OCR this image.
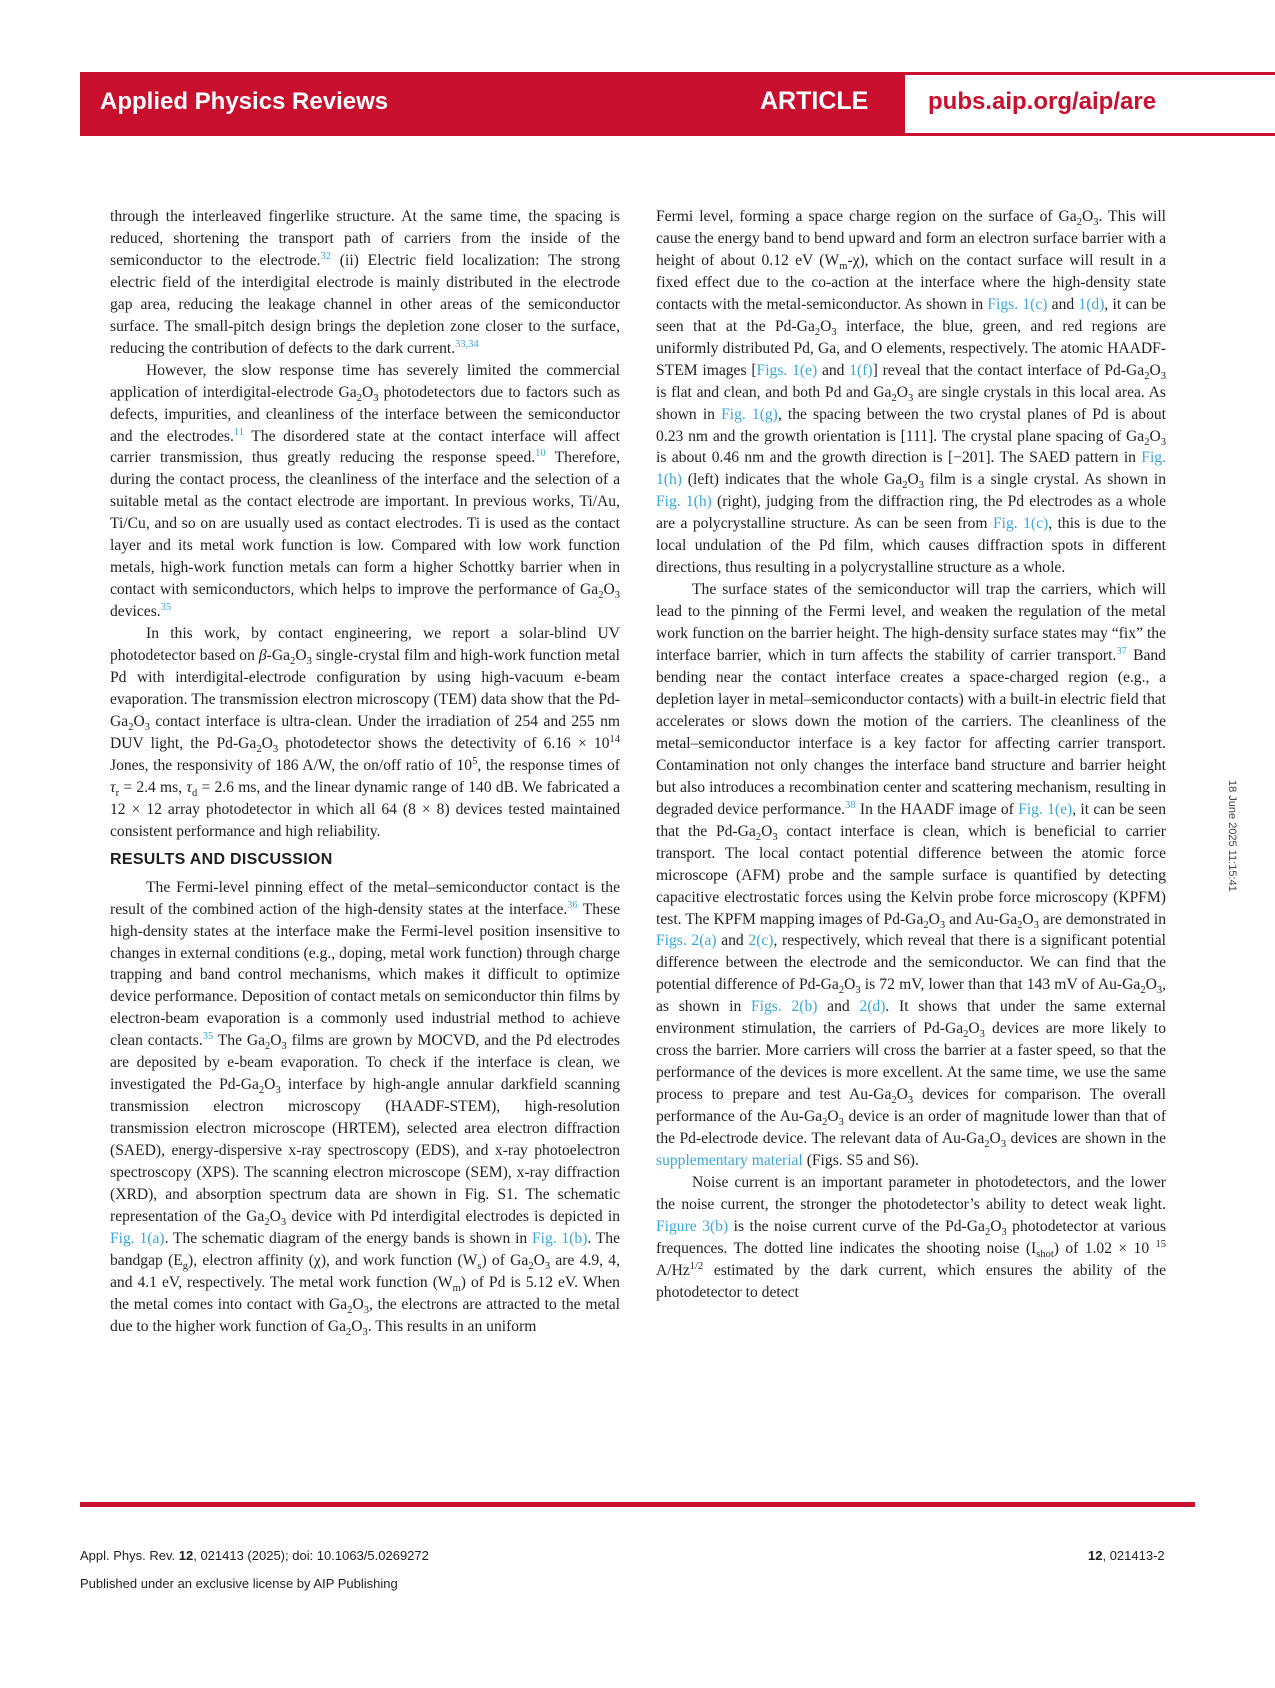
Applied Physics Reviews	ARTICLE pubs.aip.org/aip/are

through the interleaved fingerlike structure. At the same time, the spacing is reduced, shortening the transport path of carriers from the inside of the semiconductor to the electrode.$^{32}$ (ii) Electric field localization: The strong electric field of the interdigital electrode is mainly distributed in the electrode gap area, reducing the leakage channel in other areas of the semiconductor surface. The small-pitch design brings the depletion zone closer to the surface, reducing the contribution of defects to the dark current.$^{33,34}$

However, the slow response time has severely limited the commercial application of interdigital-electrode $Ga_2O_3$ photodetectors due to factors such as defects, impurities, and cleanliness of the interface between the semiconductor and the electrodes.$^{11}$ The disordered state at the contact interface will affect carrier transmission, thus greatly reducing the response speed.$^{10}$ Therefore, during the contact process, the cleanliness of the interface and the selection of a suitable metal as the contact electrode are important. In previous works, Ti/Au, Ti/Cu, and so on are usually used as contact electrodes. Ti is used as the contact layer and its metal work function is low. Compared with low work function metals, high-work function metals can form a higher Schottky barrier when in contact with semiconductors, which helps to improve the performance of $Ga_2O_3$ devices.$^{35}$

In this work, by contact engineering, we report a solar-blind UV photodetector based on $\beta-Ga_2O_3$ single-crystal film and high-work function metal Pd with interdigital-electrode configuration by using high-vacuum e-beam evaporation. The transmission electron microscopy (TEM) data show that the $Pd-Ga_2O_3$ contact interface is ultra-clean. Under the irradiation of 254 and 255 nm DUV light, the $Pd-Ga_2O_3$ photodetector shows the detectivity of $6.16 \times 10^{14}$ Jones, the responsivity of 186 A/W, the on/off ratio of $10^5$, the response times of $\tau_r = 2.4$ ms, $\tau_d = 2.6$ ms, and the linear dynamic range of 140 dB. We fabricated a 12 × 12 array photodetector in which all 64 (8 × 8) devices tested maintained consistent performance and high reliability.

RESULTS AND DISCUSSION

The Fermi-level pinning effect of the metal–semiconductor contact is the result of the combined action of the high-density states at the interface.$^{36}$ These high-density states at the interface make the Fermi-level position insensitive to changes in external conditions (e.g., doping, metal work function) through charge trapping and band control mechanisms, which makes it difficult to optimize device performance. Deposition of contact metals on semiconductor thin films by electron-beam evaporation is a commonly used industrial method to achieve clean contacts.$^{35}$ The $Ga_2O_3$ films are grown by MOCVD, and the Pd electrodes are deposited by e-beam evaporation. To check if the interface is clean, we investigated the $Pd-Ga_2O_3$ interface by high-angle annular darkfield scanning transmission electron microscopy (HAADF-STEM), high-resolution transmission electron microscope (HRTEM), selected area electron diffraction (SAED), energy-dispersive x-ray spectroscopy (EDS), and x-ray photoelectron spectroscopy (XPS). The scanning electron microscope (SEM), x-ray diffraction (XRD), and absorption spectrum data are shown in Fig. S1. The schematic representation of the $Ga_2O_3$ device with Pd interdigital electrodes is depicted in Fig. 1(a). The schematic diagram of the energy bands is shown in Fig. 1(b). The bandgap $(E_g)$, electron affinity (χ), and work function $(W_s)$ of $Ga_2O_3$ are 4.9, 4, and 4.1 eV, respectively. The metal work function $(W_m)$ of Pd is 5.12 eV. When the metal comes into contact with $Ga_2O_3$, the electrons are attracted to the metal due to the higher work function of $Ga_2O_3$. This results in an uniform

Fermi level, forming a space charge region on the surface of $Ga_2O_3$. This will cause the energy band to bend upward and form an electron surface barrier with a height of about 0.12 eV $(W_m-\chi)$, which on the contact surface will result in a fixed effect due to the co-action at the interface where the high-density state contacts with the metal-semiconductor. As shown in Figs. 1(c) and 1(d), it can be seen that at the $Pd-Ga_2O_3$ interface, the blue, green, and red regions are uniformly distributed Pd, Ga, and O elements, respectively. The atomic HAADF-STEM images [Figs. 1(e) and 1(f)] reveal that the contact interface of $Pd-Ga_2O_3$ is flat and clean, and both Pd and $Ga_2O_3$ are single crystals in this local area. As shown in Fig. 1(g), the spacing between the two crystal planes of Pd is about 0.23 nm and the growth orientation is [111]. The crystal plane spacing of $Ga_2O_3$ is about 0.46 nm and the growth direction is [−201]. The SAED pattern in Fig. 1(h) (left) indicates that the whole $Ga_2O_3$ film is a single crystal. As shown in Fig. 1(h) (right), judging from the diffraction ring, the Pd electrodes as a whole are a polycrystalline structure. As can be seen from Fig. 1(c), this is due to the local undulation of the Pd film, which causes diffraction spots in different directions, thus resulting in a polycrystalline structure as a whole.

The surface states of the semiconductor will trap the carriers, which will lead to the pinning of the Fermi level, and weaken the regulation of the metal work function on the barrier height. The high-density surface states may “fix” the interface barrier, which in turn affects the stability of carrier transport.$^{37}$ Band bending near the contact interface creates a space-charged region (e.g., a depletion layer in metal–semiconductor contacts) with a built-in electric field that accelerates or slows down the motion of the carriers. The cleanliness of the metal–semiconductor interface is a key factor for affecting carrier transport. Contamination not only changes the interface band structure and barrier height but also introduces a recombination center and scattering mechanism, resulting in degraded device performance.$^{38}$ In the HAADF image of Fig. 1(e), it can be seen that the $Pd-Ga_2O_3$ contact interface is clean, which is beneficial to carrier transport. The local contact potential difference between the atomic force microscope (AFM) probe and the sample surface is quantified by detecting capacitive electrostatic forces using the Kelvin probe force microscopy (KPFM) test. The KPFM mapping images of $Pd-Ga_2O_3$ and $Au-Ga_2O_3$ are demonstrated in Figs. 2(a) and 2(c), respectively, which reveal that there is a significant potential difference between the electrode and the semiconductor. We can find that the potential difference of $Pd-Ga_2O_3$ is 72 mV, lower than that 143 mV of $Au-Ga_2O_3$, as shown in Figs. 2(b) and 2(d). It shows that under the same external environment stimulation, the carriers of $Pd-Ga_2O_3$ devices are more likely to cross the barrier. More carriers will cross the barrier at a faster speed, so that the performance of the devices is more excellent. At the same time, we use the same process to prepare and test $Au-Ga_2O_3$ devices for comparison. The overall performance of the $Au-Ga_2O_3$ device is an order of magnitude lower than that of the Pd-electrode device. The relevant data of $Au-Ga_2O_3$ devices are shown in the supplementary material (Figs. S5 and S6).

Noise current is an important parameter in photodetectors, and the lower the noise current, the stronger the photodetector’s ability to detect weak light. Figure 3(b) is the noise current curve of the $Pd-Ga_2O_3$ photodetector at various frequences. The dotted line indicates the shooting noise $(I_{shot})$ of 1.02 × 10 $^{15}$ $A/Hz^{1/2}$ estimated by the dark current, which ensures the ability of the photodetector to detect

18 June 2025 11:15:41
Appl. Phys. Rev. 12, 021413 (2025); doi: 10.1063/5.0269272
Published under an exclusive license by AIP Publishing
12, 021413-2
